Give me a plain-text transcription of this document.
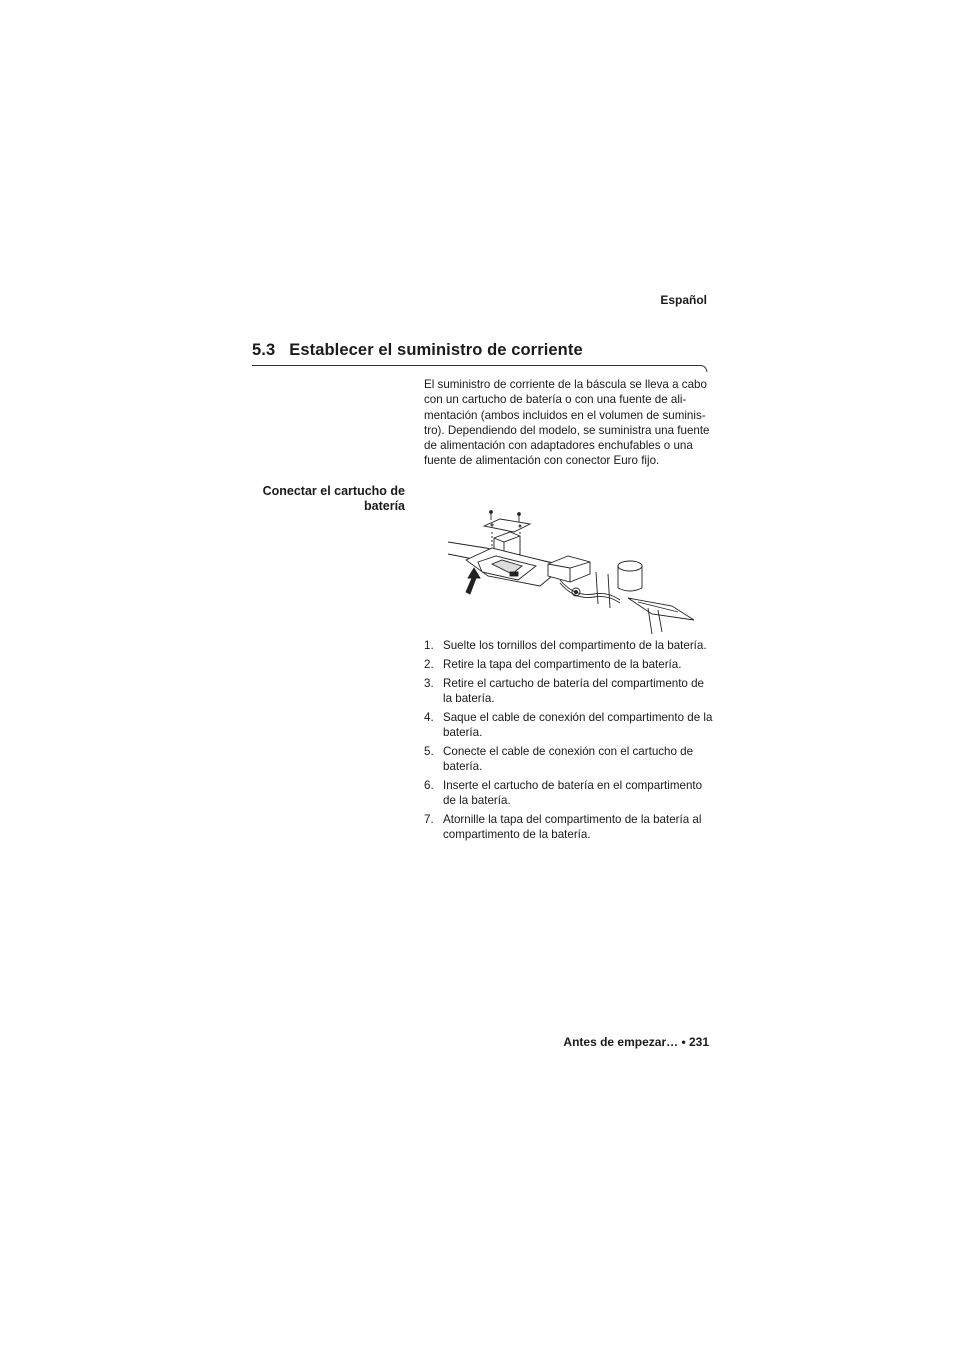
Español
5.3 Establecer el suministro de corriente

El suministro de corriente de la báscula se lleva a cabo con un cartucho de batería o con una fuente de ali-mentación (ambos incluidos en el volumen de suminis-tro). Dependiendo del modelo, se suministra una fuente de alimentación con adaptadores enchufables o una fuente de alimentación con conector Euro fijo.

Conectar el cartucho de
batería
1. Suelte los tornillos del compartimento de la batería.
2. Retire la tapa del compartimento de la batería.
3. Retire el cartucho de batería del compartimento de la batería.
4. Saque el cable de conexión del compartimento de la batería.
5. Conecte el cable de conexión con el cartucho de batería.
6. Inserte el cartucho de batería en el compartimento de la batería.
7. Atornille la tapa del compartimento de la batería al compartimento de la batería.
Antes de empezar… • 231
